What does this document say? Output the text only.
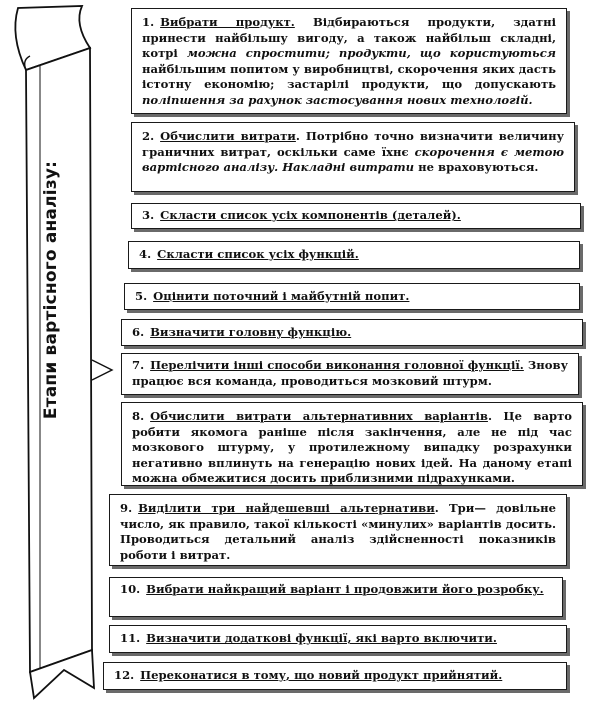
Етапи вартісного аналізу:
1. Вибрати продукт. Відбираються продукти, здатні принести найбільшу вигоду, а також найбільш складні, котрі можна спростити; продукти, що користуються найбільшим попитом у виробництві, скорочення яких дасть істотну економію; застарілі продукти, що допускають поліпшення за рахунок застосування нових технологій.
2. Обчислити витрати. Потрібно точно визначити величину граничних витрат, оскільки саме їхнє скорочення є метою вартісного аналізу. Накладні витрати не враховуються.
3. Скласти список усіх компонентів (деталей).
4. Скласти список усіх функцій.
5. Оцінити поточний і майбутній попит.
6. Визначити головну функцію.
7. Перелічити інші способи виконання головної функції. Знову працює вся команда, проводиться мозковий штурм.
8. Обчислити витрати альтернативних варіантів. Це варто робити якомога раніше після закінчення, але не під час мозкового штурму, у протилежному випадку розрахунки негативно вплинуть на генерацію нових ідей. На даному етапі можна обмежитися досить приблизними підрахунками.
9. Виділити три найдешевші альтернативи. Три— довільне число, як правило, такої кількості «минулих» варіантів досить. Проводиться детальний аналіз здійсненності показників роботи і витрат.
10. Вибрати найкращий варіант і продовжити його розробку.
11. Визначити додаткові функції, які варто включити.
12. Переконатися в тому, що новий продукт прийнятий.
